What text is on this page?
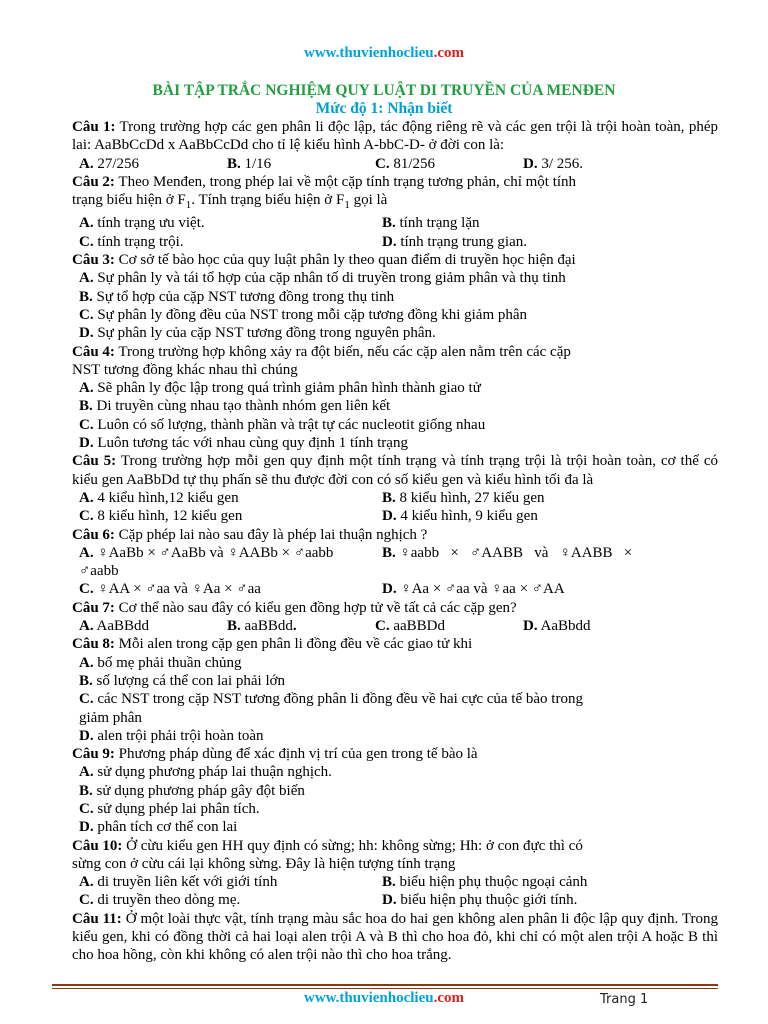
www.thuvienhoclieu.com
BÀI TẬP TRẮC NGHIỆM QUY LUẬT DI TRUYỀN CỦA MENĐEN
Mức độ 1: Nhận biết
Câu 1: Trong trường hợp các gen phân li độc lập, tác động riêng rẽ và các gen trội là trội hoàn toàn, phép lai: AaBbCcDd x AaBbCcDd cho tỉ lệ kiểu hình A-bbC-D- ở đời con là:
A. 27/256	B. 1/16	C. 81/256	D. 3/ 256.
Câu 2: Theo Menđen, trong phép lai về một cặp tính trạng tương phản, chỉ một tính
trạng biểu hiện ở $F_1$. Tính trạng biểu hiện ở $F_1$ gọi là
A. tính trạng ưu việt.	B. tính trạng lặn
C. tính trạng trội.	D. tính trạng trung gian.
Câu 3: Cơ sở tế bào học của quy luật phân ly theo quan điểm di truyền học hiện đại
A. Sự phân ly và tái tổ hợp của cặp nhân tố di truyền trong giảm phân và thụ tinh
B. Sự tổ hợp của cặp NST tương đồng trong thụ tinh
C. Sự phân ly đồng đều của NST trong mỗi cặp tương đồng khi giảm phân
D. Sự phân ly của cặp NST tương đồng trong nguyên phân.
Câu 4: Trong trường hợp không xảy ra đột biến, nếu các cặp alen nằm trên các cặp
NST tương đồng khác nhau thì chúng
A. Sẽ phân ly độc lập trong quá trình giảm phân hình thành giao tử
B. Di truyền cùng nhau tạo thành nhóm gen liên kết
C. Luôn có số lượng, thành phần và trật tự các nucleotit giống nhau
D. Luôn tương tác với nhau cùng quy định 1 tính trạng
Câu 5: Trong trường hợp mỗi gen quy định một tính trạng và tính trạng trội là trội hoàn toàn, cơ thể có kiểu gen AaBbDd tự thụ phấn sẽ thu được đời con có số kiểu gen và kiểu hình tối đa là
A. 4 kiểu hình,12 kiểu gen	B. 8 kiểu hình, 27 kiểu gen
C. 8 kiểu hình, 12 kiểu gen	D. 4 kiểu hình, 9 kiểu gen
Câu 6: Cặp phép lai nào sau đây là phép lai thuận nghịch ?
A. ♀AaBb × ♂AaBb và ♀AABb × ♂aabb	B. ♀aabb   ×   ♂AABB   và   ♀AABB   ×
♂aabb
C. ♀AA × ♂aa và ♀Aa × ♂aa	D. ♀Aa × ♂aa và ♀aa × ♂AA
Câu 7: Cơ thể nào sau đây có kiểu gen đồng hợp tử về tất cả các cặp gen?
A. AaBBdd	B. aaBBdd.	C. aaBBDd	D. AaBbdd
Câu 8: Mỗi alen trong cặp gen phân li đồng đều về các giao tử khi
A. bố mẹ phải thuần chủng
B. số lượng cá thể con lai phải lớn
C. các NST trong cặp NST tương đồng phân li đồng đều về hai cực của tế bào trong
giảm phân
D. alen trội phải trội hoàn toàn
Câu 9: Phương pháp dùng để xác định vị trí của gen trong tế bào là
A. sử dụng phương pháp lai thuận nghịch.
B. sử dụng phương pháp gây đột biến
C. sử dụng phép lai phân tích.
D. phân tích cơ thể con lai
Câu 10: Ở cừu kiểu gen HH quy định có sừng; hh: không sừng; Hh: ở con đực thì có
sừng con ở cừu cái lại không sừng. Đây là hiện tượng tính trạng
A. di truyền liên kết với giới tính	B. biểu hiện phụ thuộc ngoại cảnh
C. di truyền theo dòng mẹ.	D. biểu hiện phụ thuộc giới tính.
Câu 11: Ở một loài thực vật, tính trạng màu sắc hoa do hai gen không alen phân li độc lập quy định. Trong kiểu gen, khi có đồng thời cả hai loại alen trội A và B thì cho hoa đỏ, khi chỉ có một alen trội A hoặc B thì cho hoa hồng, còn khi không có alen trội nào thì cho hoa trắng.
www.thuvienhoclieu.com	Trang 1
